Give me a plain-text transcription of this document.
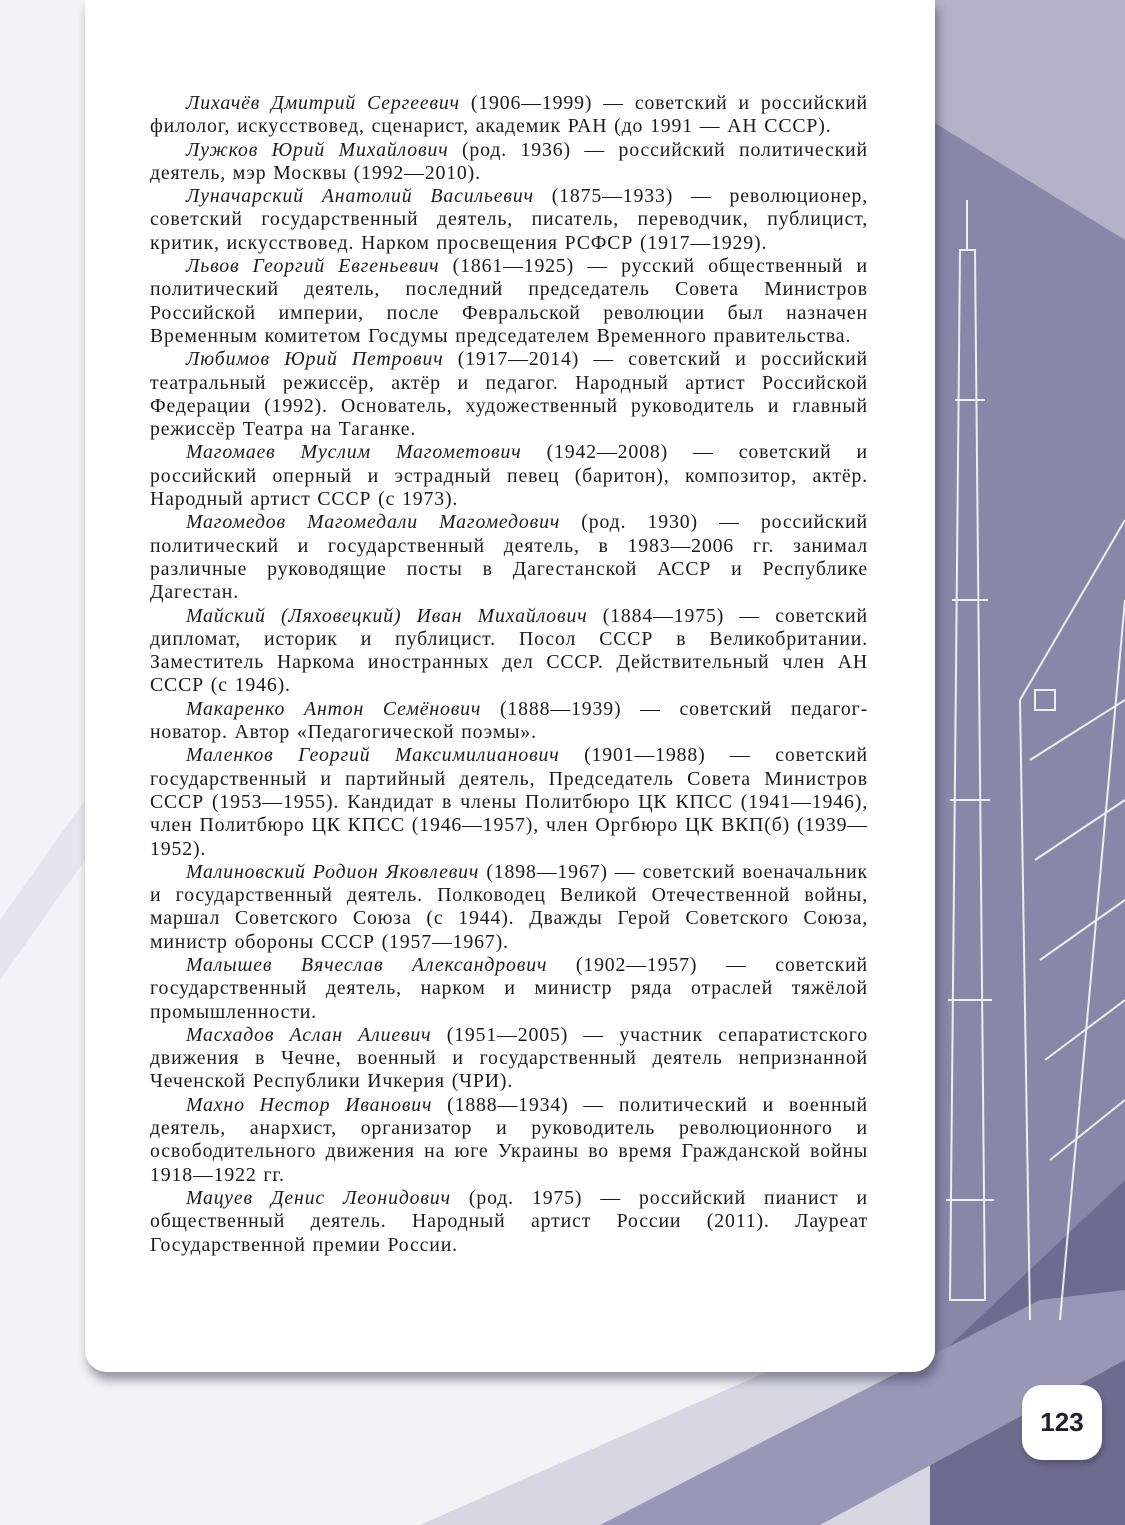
Лихачёв Дмитрий Сергеевич (1906—1999) — советский и российский филолог, искусствовед, сценарист, академик РАН (до 1991 — АН СССР).

Лужков Юрий Михайлович (род. 1936) — российский политический деятель, мэр Москвы (1992—2010).

Луначарский Анатолий Васильевич (1875—1933) — революционер, советский государственный деятель, писатель, переводчик, публицист, критик, искусствовед. Нарком просвещения РСФСР (1917—1929).

Львов Георгий Евгеньевич (1861—1925) — русский общественный и политический деятель, последний председатель Совета Министров Российской империи, после Февральской революции был назначен Временным комитетом Госдумы председателем Временного правительства.

Любимов Юрий Петрович (1917—2014) — советский и российский театральный режиссёр, актёр и педагог. Народный артист Российской Федерации (1992). Основатель, художественный руководитель и главный режиссёр Театра на Таганке.

Магомаев Муслим Магометович (1942—2008) — советский и российский оперный и эстрадный певец (баритон), композитор, актёр. Народный артист СССР (с 1973).

Магомедов Магомедали Магомедович (род. 1930) — российский политический и государственный деятель, в 1983—2006 гг. занимал различные руководящие посты в Дагестанской АССР и Республике Дагестан.

Майский (Ляховецкий) Иван Михайлович (1884—1975) — советский дипломат, историк и публицист. Посол СССР в Великобритании. Заместитель Наркома иностранных дел СССР. Действительный член АН СССР (с 1946).

Макаренко Антон Семёнович (1888—1939) — советский педагог-новатор. Автор «Педагогической поэмы».

Маленков Георгий Максимилианович (1901—1988) — советский государственный и партийный деятель, Председатель Совета Министров СССР (1953—1955). Кандидат в члены Политбюро ЦК КПСС (1941—1946), член Политбюро ЦК КПСС (1946—1957), член Оргбюро ЦК ВКП(б) (1939—1952).

Малиновский Родион Яковлевич (1898—1967) — советский военачальник и государственный деятель. Полководец Великой Отечественной войны, маршал Советского Союза (с 1944). Дважды Герой Советского Союза, министр обороны СССР (1957—1967).

Малышев Вячеслав Александрович (1902—1957) — советский государственный деятель, нарком и министр ряда отраслей тяжёлой промышленности.

Масхадов Аслан Алиевич (1951—2005) — участник сепаратистского движения в Чечне, военный и государственный деятель непризнанной Чеченской Республики Ичкерия (ЧРИ).

Махно Нестор Иванович (1888—1934) — политический и военный деятель, анархист, организатор и руководитель революционного и освободительного движения на юге Украины во время Гражданской войны 1918—1922 гг.

Мацуев Денис Леонидович (род. 1975) — российский пианист и общественный деятель. Народный артист России (2011). Лауреат Государственной премии России.

123
